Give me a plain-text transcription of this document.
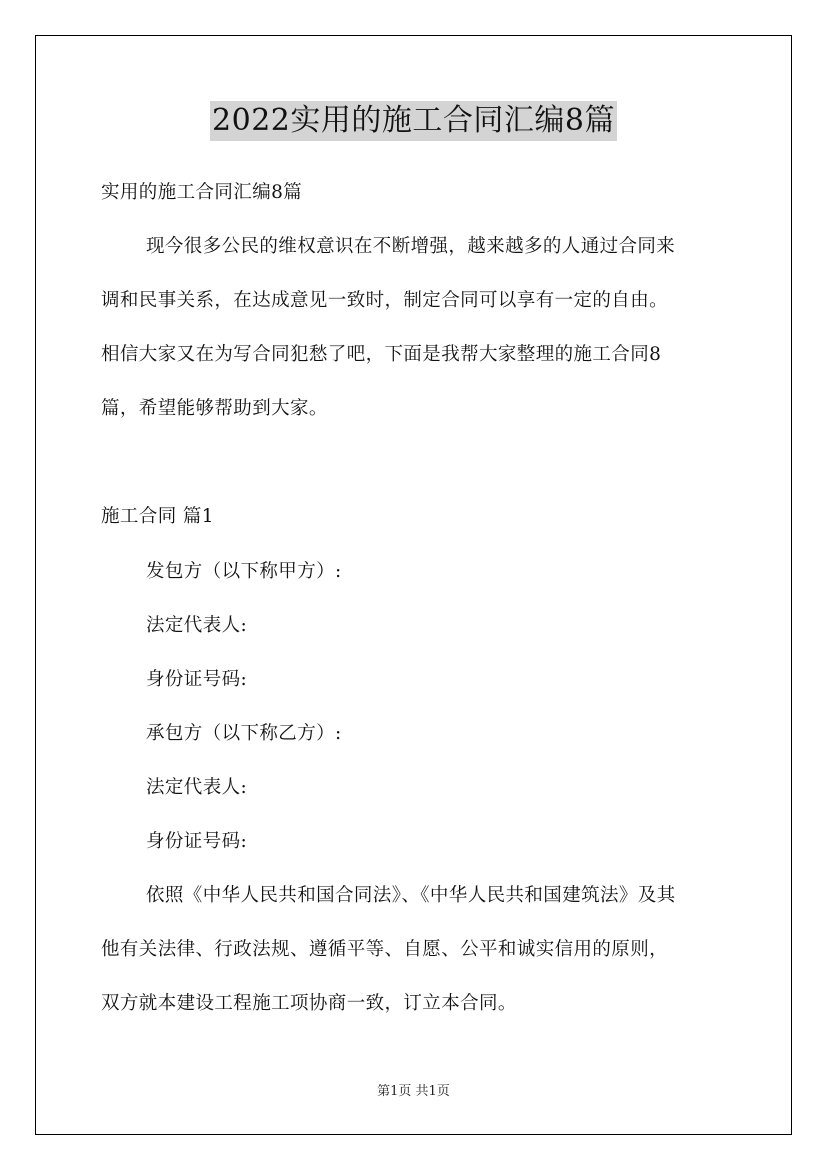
2022实用的施工合同汇编8篇
实用的施工合同汇编8篇
现今很多公民的维权意识在不断增强，越来越多的人通过合同来
调和民事关系，在达成意见一致时，制定合同可以享有一定的自由。
相信大家又在为写合同犯愁了吧，下面是我帮大家整理的施工合同8
篇，希望能够帮助到大家。
施工合同 篇1
发包方（以下称甲方）:
法定代表人:
身份证号码:
承包方（以下称乙方）:
法定代表人:
身份证号码:
依照《中华人民共和国合同法》、《中华人民共和国建筑法》及其
他有关法律、行政法规、遵循平等、自愿、公平和诚实信用的原则，
双方就本建设工程施工项协商一致，订立本合同。
第1页 共1页
